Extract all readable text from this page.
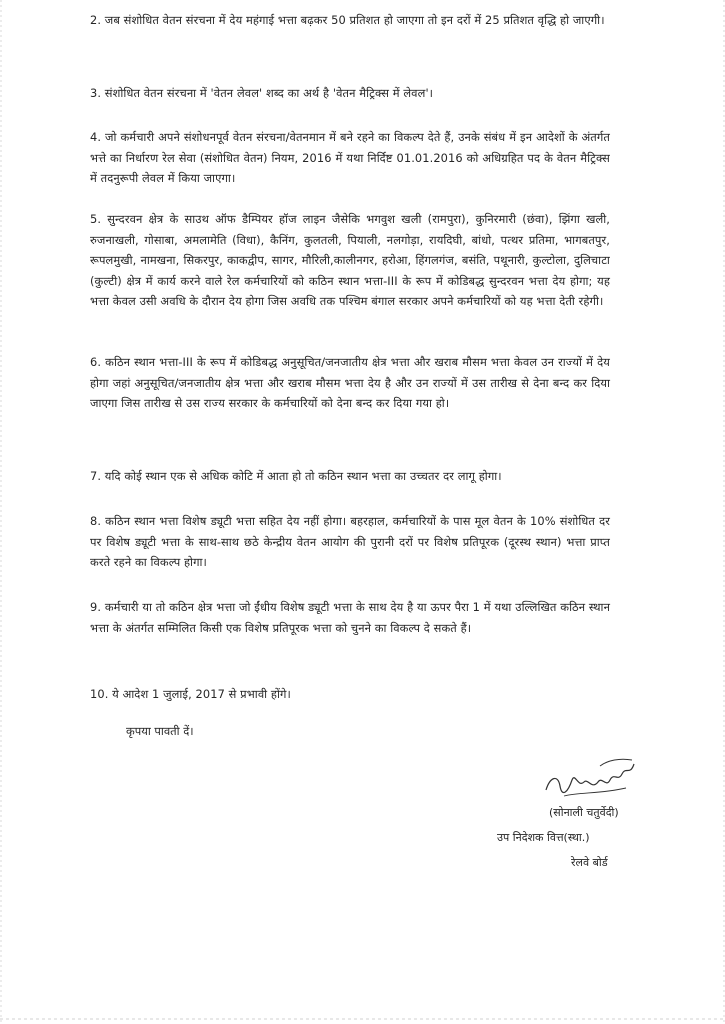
2. जब संशोधित वेतन संरचना में देय महंगाई भत्ता बढ़कर 50 प्रतिशत हो जाएगा तो इन दरों में 25 प्रतिशत वृद्धि हो जाएगी।

3. संशोधित वेतन संरचना में 'वेतन लेवल' शब्द का अर्थ है 'वेतन मैट्रिक्स में लेवल'।

4. जो कर्मचारी अपने संशोधनपूर्व वेतन संरचना/वेतनमान में बने रहने का विकल्प देते हैं, उनके संबंध में इन आदेशों के अंतर्गत भत्ते का निर्धारण रेल सेवा (संशोधित वेतन) नियम, 2016 में यथा निर्दिष्ट 01.01.2016 को अधिग्रहित पद के वेतन मैट्रिक्स में तदनुरूपी लेवल में किया जाएगा।

5. सुन्दरवन क्षेत्र के साउथ ऑफ डैम्पियर हॉज लाइन जैसेकि भगवुश खली (रामपुरा), कुनिरमारी (छंवा), झिंगा खली, रुजनाखली, गोसाबा, अमलामेति (विधा), कैनिंग, कुलतली, पियाली, नलगोड़ा, रायदिघी, बांधो, पत्थर प्रतिमा, भागबतपुर, रूपलमुखी, नामखना, सिकरपुर, काकद्वीप, सागर, मौरिली,कालीनगर, हरोआ, हिंगलगंज, बसंति, पथूनारी, कुल्टोला, दुलिचाटा (कुल्टी) क्षेत्र में कार्य करने वाले रेल कर्मचारियों को कठिन स्थान भत्ता-III के रूप में कोडिबद्ध सुन्दरवन भत्ता देय होगा; यह भत्ता केवल उसी अवधि के दौरान देय होगा जिस अवधि तक पश्चिम बंगाल सरकार अपने कर्मचारियों को यह भत्ता देती रहेगी।

6. कठिन स्थान भत्ता-III के रूप में कोडिबद्ध अनुसूचित/जनजातीय क्षेत्र भत्ता और खराब मौसम भत्ता केवल उन राज्यों में देय होगा जहां अनुसूचित/जनजातीय क्षेत्र भत्ता और खराब मौसम भत्ता देय है और उन राज्यों में उस तारीख से देना बन्द कर दिया जाएगा जिस तारीख से उस राज्य सरकार के कर्मचारियों को देना बन्द कर दिया गया हो।

7. यदि कोई स्थान एक से अधिक कोटि में आता हो तो कठिन स्थान भत्ता का उच्चतर दर लागू होगा।

8. कठिन स्थान भत्ता विशेष ड्यूटी भत्ता सहित देय नहीं होगा। बहरहाल, कर्मचारियों के पास मूल वेतन के 10% संशोधित दर पर विशेष ड्यूटी भत्ता के साथ-साथ छठे केन्द्रीय वेतन आयोग की पुरानी दरों पर विशेष प्रतिपूरक (दूरस्थ स्थान) भत्ता प्राप्त करते रहने का विकल्प होगा।

9. कर्मचारी या तो कठिन क्षेत्र भत्ता जो ईंधीय विशेष ड्यूटी भत्ता के साथ देय है या ऊपर पैरा 1 में यथा उल्लिखित कठिन स्थान भत्ता के अंतर्गत सम्मिलित किसी एक विशेष प्रतिपूरक भत्ता को चुनने का विकल्प दे सकते हैं।

10. ये आदेश 1 जुलाई, 2017 से प्रभावी होंगे।

कृपया पावती दें।
(सोनाली चतुर्वेदी)
उप निदेशक वित्त(स्था.)
रेलवे बोर्ड
